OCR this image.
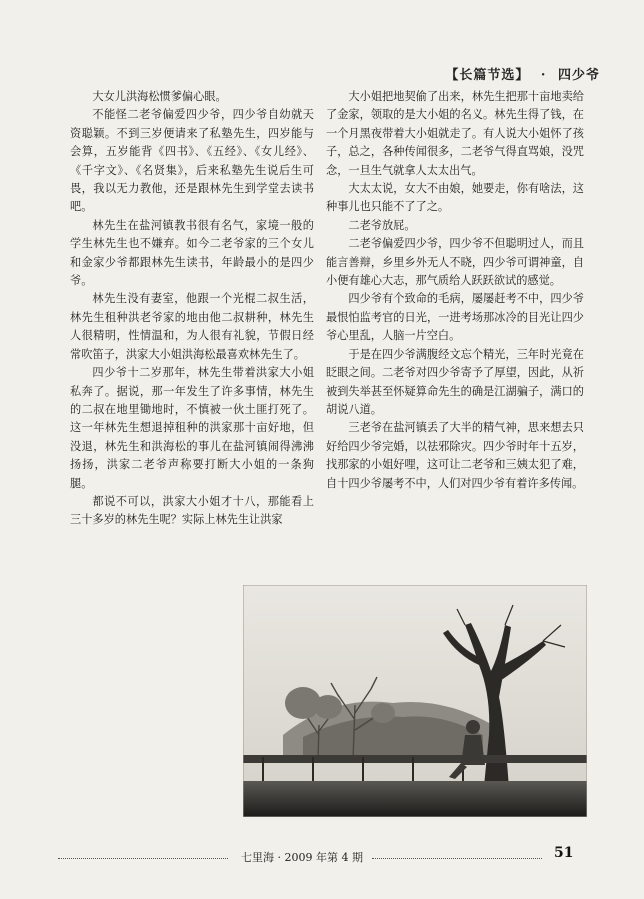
【长篇节选】 · 四少爷

大女儿洪海松惯爹偏心眼。

不能怪二老爷偏爱四少爷，四少爷自幼就天资聪颖。不到三岁便请来了私塾先生，四岁能与会算，五岁能背《四书》、《五经》、《女儿经》、《千字文》、《名贤集》，后来私塾先生说后生可畏，我以无力教他，还是跟林先生到学堂去读书吧。

林先生在盐河镇教书很有名气，家境一般的学生林先生也不嫌弃。如今二老爷家的三个女儿和金家少爷都跟林先生读书，年龄最小的是四少爷。

林先生没有妻室，他跟一个光棍二叔生活，林先生租种洪老爷家的地由他二叔耕种，林先生人很精明，性情温和，为人很有礼貌，节假日经常吹笛子，洪家大小姐洪海松最喜欢林先生了。

四少爷十二岁那年，林先生带着洪家大小姐私奔了。据说，那一年发生了许多事情，林先生的二叔在地里锄地时，不慎被一伙土匪打死了。这一年林先生想退掉租种的洪家那十亩好地，但没退，林先生和洪海松的事儿在盐河镇闹得沸沸扬扬，洪家二老爷声称要打断大小姐的一条狗腿。

都说不可以，洪家大小姐才十八，那能看上三十多岁的林先生呢？实际上林先生让洪家

大小姐把地契偷了出来，林先生把那十亩地卖给了金家，领取的是大小姐的名义。林先生得了钱，在一个月黑夜带着大小姐就走了。有人说大小姐怀了孩子，总之，各种传闻很多，二老爷气得直骂娘，没咒念，一旦生气就拿人太太出气。

大太太说，女大不由娘，她要走，你有啥法，这种事儿也只能不了了之。

二老爷放屁。

二老爷偏爱四少爷，四少爷不但聪明过人，而且能言善辩，乡里乡外无人不晓，四少爷可谓神童，自小便有雄心大志，那气质给人跃跃欲试的感觉。

四少爷有个致命的毛病，屡屡赶考不中，四少爷最恨怕监考官的日光，一进考场那冰冷的目光让四少爷心里乱，人脑一片空白。

于是在四少爷满腹经文忘个精光，三年时光竟在眨眼之间。二老爷对四少爷寄予了厚望，因此，从祈被到失举甚至怀疑算命先生的确是江湖骗子，满口的胡说八道。

三老爷在盐河镇丢了大半的精气神，思来想去只好给四少爷完婚，以祛邪除灾。四少爷时年十五岁，找那家的小姐好哩，这可让二老爷和三姨太犯了难，自十四少爷屡考不中，人们对四少爷有着许多传闻。

七里海 · 2009 年第 4 期	51
